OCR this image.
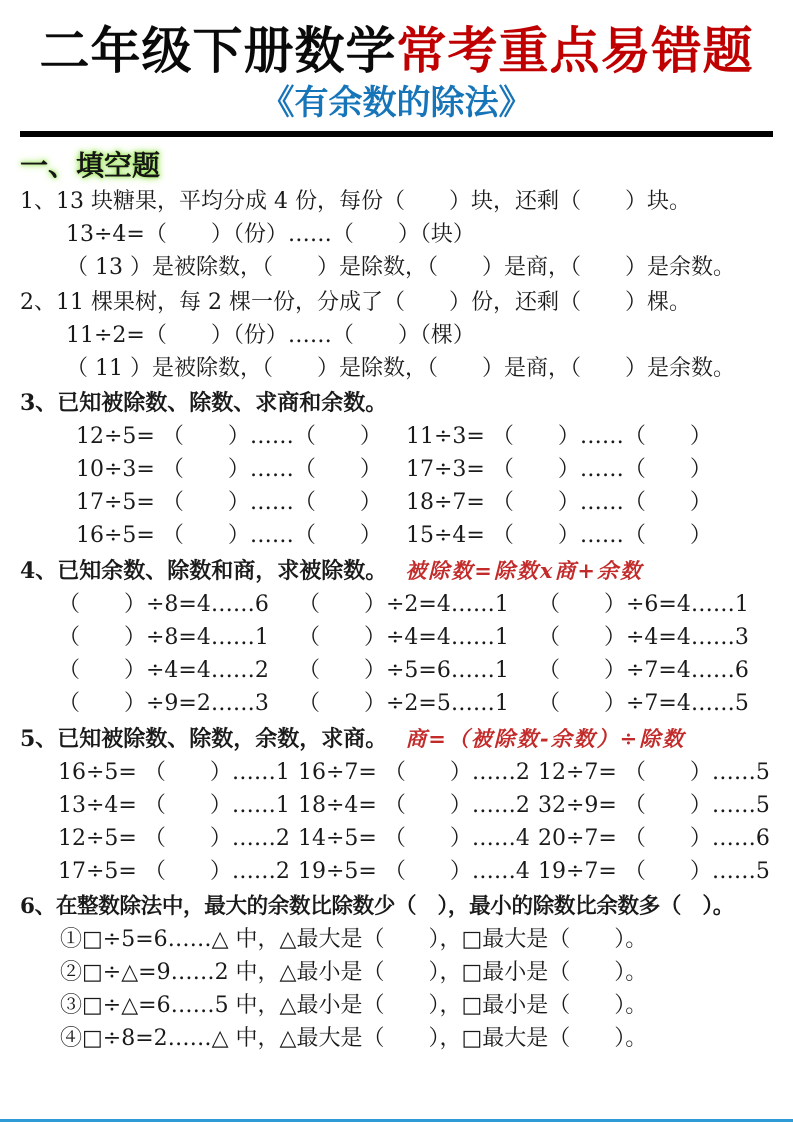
二年级下册数学常考重点易错题
《有余数的除法》
一、填空题
1、13 块糖果，平均分成 4 份，每份（　　）块，还剩（　　）块。
13÷4=（　　）（份）……（　　）（块）
（ 13 ）是被除数，（　　）是除数，（　　）是商，（　　）是余数。
2、11 棵果树，每 2 棵一份，分成了（　　）份，还剩（　　）棵。
11÷2=（　　）（份）……（　　）（棵）
（ 11 ）是被除数，（　　）是除数，（　　）是商，（　　）是余数。
3、已知被除数、除数、求商和余数。
12÷5= （　　）……（　　）	11÷3= （　　）……（　　）
10÷3= （　　）……（　　）	17÷3= （　　）……（　　）
17÷5= （　　）……（　　）	18÷7= （　　）……（　　）
16÷5= （　　）……（　　）	15÷4= （　　）……（　　）
4、已知余数、除数和商，求被除数。 被除数=除数x商+余数
（　　）÷8=4……6	（　　）÷2=4……1	（　　）÷6=4……1
（　　）÷8=4……1	（　　）÷4=4……1	（　　）÷4=4……3
（　　）÷4=4……2	（　　）÷5=6……1	（　　）÷7=4……6
（　　）÷9=2……3	（　　）÷2=5……1	（　　）÷7=4……5
5、已知被除数、除数，余数，求商。 商=（被除数-余数）÷除数
16÷5= （　　）……1 16÷7= （　　）……2 12÷7= （　　）……5
13÷4= （　　）……1 18÷4= （　　）……2 32÷9= （　　）……5
12÷5= （　　）……2 14÷5= （　　）……4 20÷7= （　　）……6
17÷5= （　　）……2 19÷5= （　　）……4 19÷7= （　　）……5
6、在整数除法中，最大的余数比除数少（　），最小的除数比余数多（　）。
①□÷5=6……△ 中，△最大是（　　），□最大是（　　）。
②□÷△=9……2 中，△最小是（　　），□最小是（　　）。
③□÷△=6……5 中，△最小是（　　），□最小是（　　）。
④□÷8=2……△ 中，△最大是（　　），□最大是（　　）。
